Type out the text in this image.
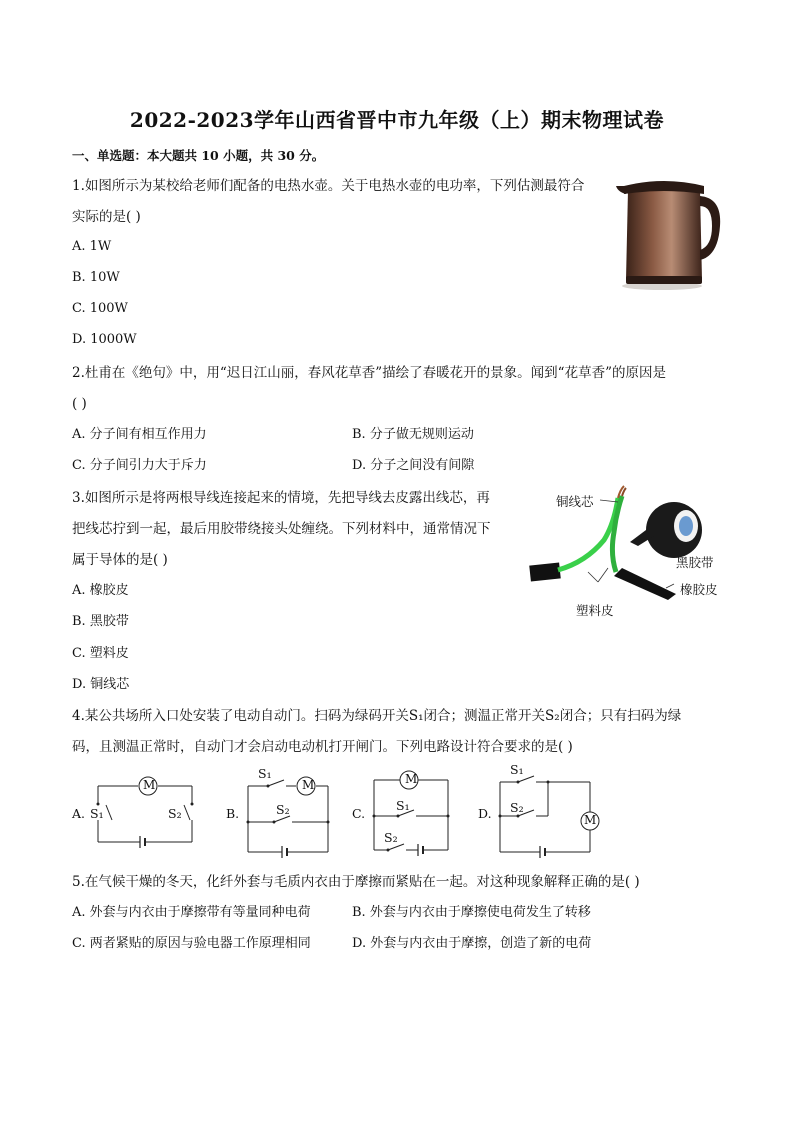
2022-2023学年山西省晋中市九年级（上）期末物理试卷
一、单选题：本大题共 10 小题，共 30 分。
1.如图所示为某校给老师们配备的电热水壶。关于电热水壶的电功率，下列估测最符合
实际的是( )
A. 1W
B. 10W
C. 100W
D. 1000W
2.杜甫在《绝句》中，用“迟日江山丽，春风花草香”描绘了春暖花开的景象。闻到“花草香”的原因是
( )
A. 分子间有相互作用力	B. 分子做无规则运动
C. 分子间引力大于斥力	D. 分子之间没有间隙
3.如图所示是将两根导线连接起来的情境，先把导线去皮露出线芯，再
把线芯拧到一起，最后用胶带绕接头处缠绕。下列材料中，通常情况下
属于导体的是( )
A. 橡胶皮
B. 黑胶带
C. 塑料皮
D. 铜线芯
铜线芯
黑胶带
橡胶皮
塑料皮
4.某公共场所入口处安装了电动自动门。扫码为绿码开关S₁闭合；测温正常开关S₂闭合；只有扫码为绿
码，且测温正常时，自动门才会启动电动机打开闸门。下列电路设计符合要求的是( )
A.
M
S₁	S₂	B.
M
S₁
S₂	C.
M
S₁
S₂
D.	M
S₁
S₂
5.在气候干燥的冬天，化纤外套与毛质内衣由于摩擦而紧贴在一起。对这种现象解释正确的是( )
A. 外套与内衣由于摩擦带有等量同种电荷	B. 外套与内衣由于摩擦使电荷发生了转移
C. 两者紧贴的原因与验电器工作原理相同	D. 外套与内衣由于摩擦，创造了新的电荷
